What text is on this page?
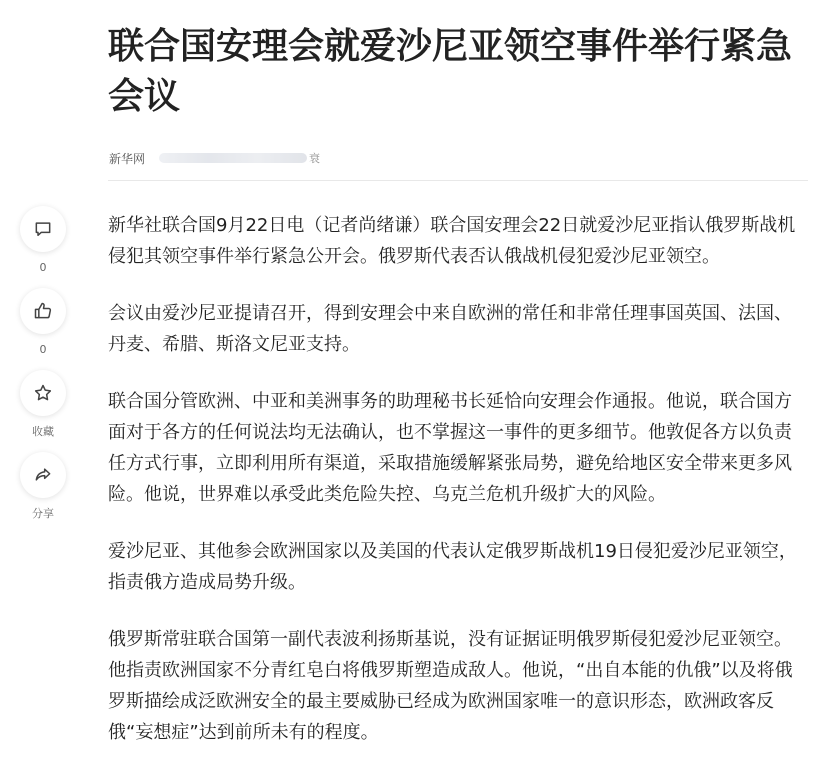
联合国安理会就爱沙尼亚领空事件举行紧急会议
新华网	衰
0
0
收藏
分享

新华社联合国9月22日电（记者尚绪谦）联合国安理会22日就爱沙尼亚指认俄罗斯战机侵犯其领空事件举行紧急公开会。俄罗斯代表否认俄战机侵犯爱沙尼亚领空。

会议由爱沙尼亚提请召开，得到安理会中来自欧洲的常任和非常任理事国英国、法国、丹麦、希腊、斯洛文尼亚支持。

联合国分管欧洲、中亚和美洲事务的助理秘书长延恰向安理会作通报。他说，联合国方面对于各方的任何说法均无法确认，也不掌握这一事件的更多细节。他敦促各方以负责任方式行事，立即利用所有渠道，采取措施缓解紧张局势，避免给地区安全带来更多风险。他说，世界难以承受此类危险失控、乌克兰危机升级扩大的风险。

爱沙尼亚、其他参会欧洲国家以及美国的代表认定俄罗斯战机19日侵犯爱沙尼亚领空，指责俄方造成局势升级。

俄罗斯常驻联合国第一副代表波利扬斯基说，没有证据证明俄罗斯侵犯爱沙尼亚领空。他指责欧洲国家不分青红皂白将俄罗斯塑造成敌人。他说，“出自本能的仇俄”以及将俄罗斯描绘成泛欧洲安全的最主要威胁已经成为欧洲国家唯一的意识形态，欧洲政客反俄“妄想症”达到前所未有的程度。
